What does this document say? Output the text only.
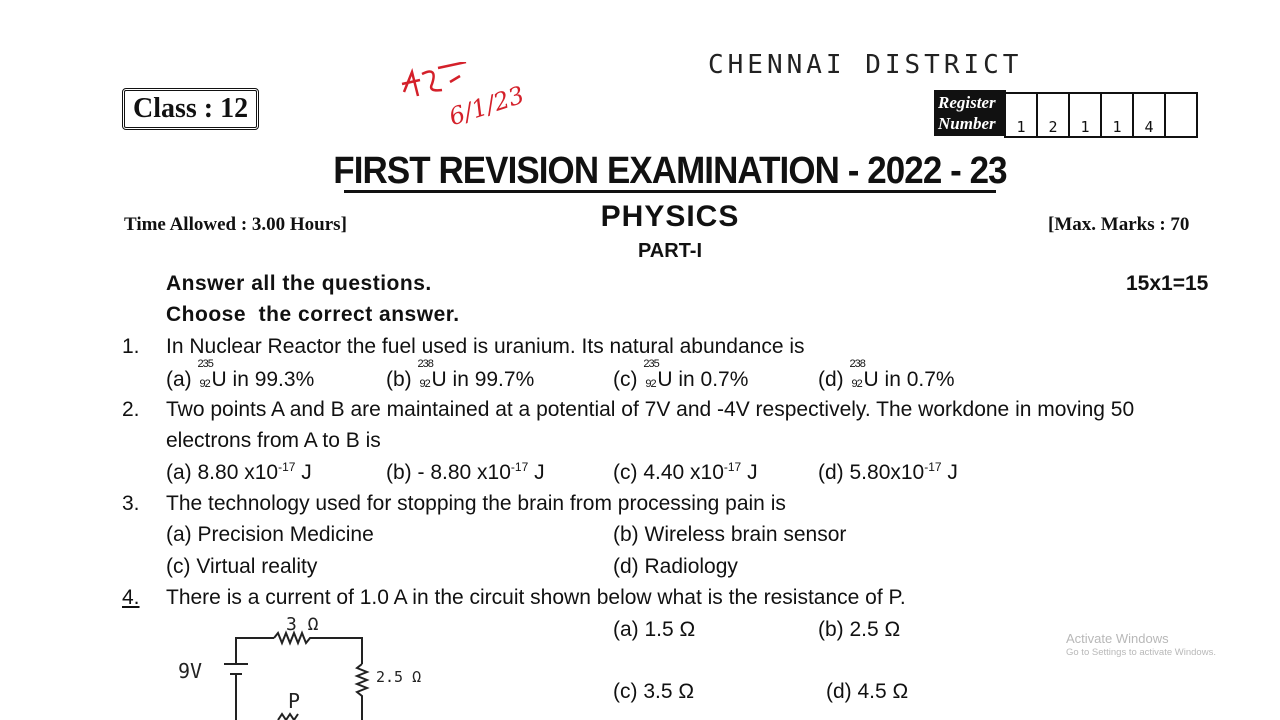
CHENNAI DISTRICT
6/1/23
Class : 12	Register
Number	1	2	1	1	4
FIRST REVISION EXAMINATION - 2022 - 23
PHYSICS
PART-I
Time Allowed : 3.00 Hours]	[Max. Marks : 70
Answer all the questions.	15x1=15
Choose  the correct answer.
1. In Nuclear Reactor the fuel used is uranium. Its natural abundance is
(a)
235
92 U in 99.3%	(b)
238
92 U in 99.7%	(c)
235
92 U in 0.7%	(d)
238
92 U in 0.7%
2. Two points A and B are maintained at a potential of 7V and -4V respectively. The workdone in moving 50
electrons from A to B is
(a) 8.80 $x10^{-17}$ J	(b) - 8.80 $x10^{-17}$ J	(c) 4.40 $x10^{-17}$ J	(d) $5.80x10^{-17}$ J
3. The technology used for stopping the brain from processing pain is
(a) Precision Medicine	(b) Wireless brain sensor
(c) Virtual reality	(d) Radiology
4. There is a current of 1.0 A in the circuit shown below what is the resistance of P.
(a) 1.5 Ω	(b) 2.5 Ω
(c) 3.5 Ω	(d) 4.5 Ω
3 Ω
2.5 Ω
9V
P
Activate Windows
Go to Settings to activate Windows.
